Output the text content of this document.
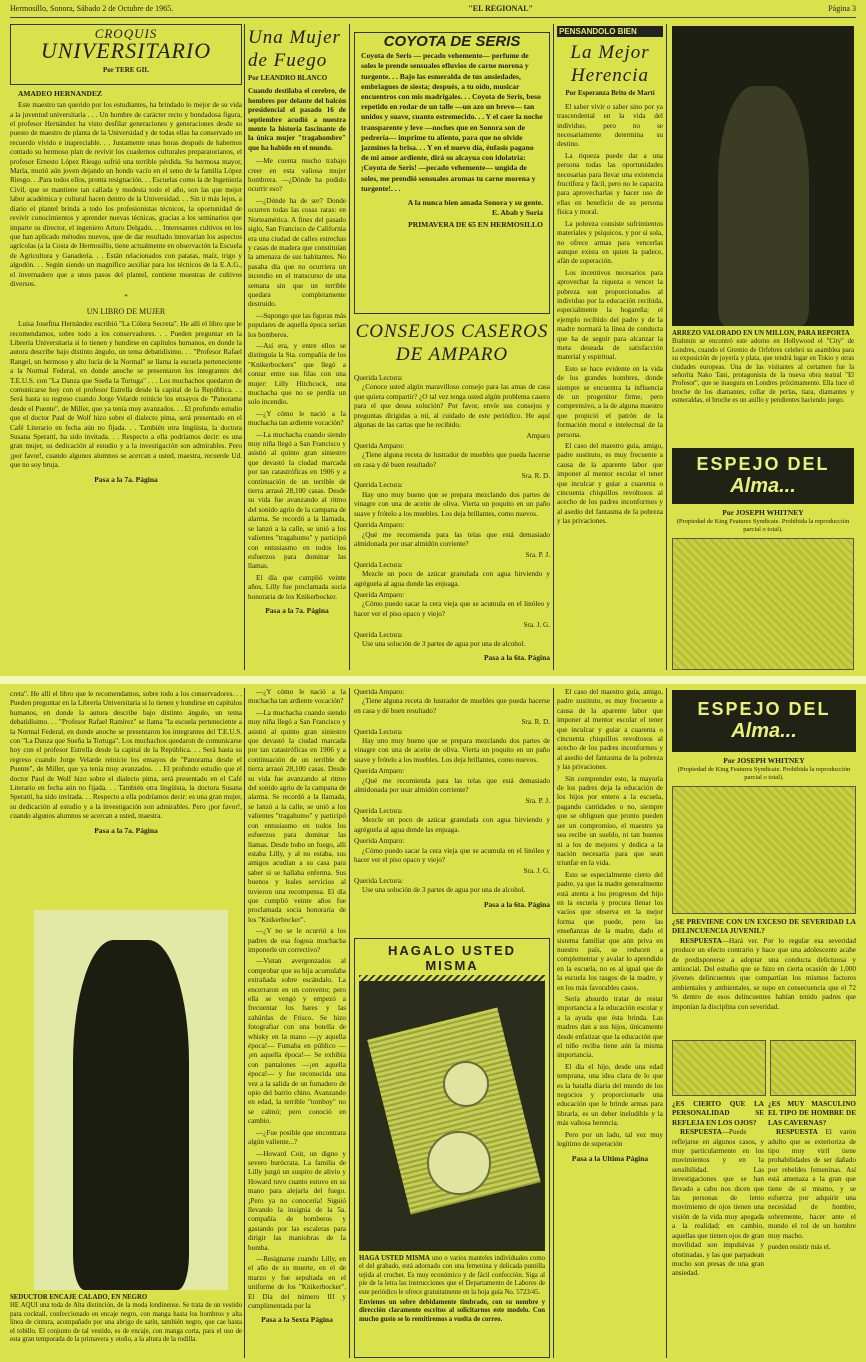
Hermosillo, Sonora, Sábado 2 de Octubre de 1965.	"EL REGIONAL"	Página 3
CROQUIS
UNIVERSITARIO
Por TERE GIL
AMADEO HERNANDEZ

Este maestro tan querido por los estudiantes, ha brindado lo mejor de su vida a la juventud universitaria . . . Un hombre de carácter recto y bondadosa figura, el profesor Hernández ha visto desfilar generaciones y generaciones desde su puesto de maestro de planta de la Universidad y de todas ellas ha conservado un recuerdo vívido e inapreciable. . . Justamente unas horas después de habernos contado su hermoso plan de revivir los cuadernos culturales preparatorianos, el profesor Ernesto López Riesgo sufrió una terrible pérdida. Su hermosa mayor, María, murió aún joven dejando un hondo vacío en el seno de la familia López Riesgo. . .Para todos ellos, pronta resignación. . . Escuelas como la de Ingeniería Civil, que se mantiene tan callada y modesta todo el año, son las que mejor labor académica y cultural hacen dentro de la Universidad. . . Sin ir más lejos, a diario el plantel brinda a todo los profesionistas técnicos, la oportunidad de revivir conocimientos y aprender nuevas técnicas, gracias a los seminarios que imparte su director, el ingeniero Arturo Delgado. . . Interesantes cultivos en los que han aplicado métodos nuevos, que de dar resultado innovarían los aspectos agrícolas (a la Costa de Hermosillo, tiene actualmente en observación la Escuela de Agricultura y Ganadería. . . Están relacionados con patatas, maíz, trigo y algodón. . . Según siendo un magnífico auxiliar para los técnicos de la E.A.G., el invernadero que a unos pasos del plantel, contiene muestras de cultivos diversos.

*
UN LIBRO DE MUJER

Luisa Josefina Hernández escribió "La Cólera Secreta". He allí el libro que le recomendamos, sobre todo a los conservadores. . . Pueden preguntar en la Librería Universitaria si lo tienen y hundirse en capítulos humanos, en donde la autora describe bajo distinto ángulo, un tema debatidísimo. . . "Profesor Rafael Rangel, un hermoso y alto lucía de la Normal" se llama la escuela perteneciente a la Normal Federal, en donde anoche se presentaron los integrantes del T.E.U.S. con "La Danza que Sueña la Tortuga" . . . Los muchachos quedaron de comunicarse hoy con el profesor Estrella desde la capital de la República. . . Será hasta su regreso cuando Jorge Velarde reinicie los ensayos de "Panorama desde el Puente", de Miller, que ya tenía muy avanzados. . . El profundo estudio que el doctor Paul de Wolf hizo sobre el dialecto pima, será presentado en el Café Literario en fecha aún no fijada. . . También otra lingüista, la doctora Susana Sperattí, ha sido invitada. . . Respecto a ella podríamos decir: es una gran mujer, su dedicación al estudio y a la investigación son admirables. Pero ¡por favor!, cuando algunos alumnos se acercan a usted, maestra, recuerde Ud. que no soy bruja.

Pasa a la 7a. Página
Una Mujer de Fuego
Por LEANDRO BLANCO
Cuando destilaba el cerebro, de hombres por delante del balcón presidencial el pasado 16 de septiembre acudió a nuestra mente la historia fascinante de la única mujer "tragahombre" que ha habido en el mundo.

—Me cuenta mucho trabajo creer en esta valiosa mujer hombrera. —¿Dónde ha podido ocurrir eso?

—¿Dónde ha de ser? Donde ocurren todas las cosas raras: en Norteamérica. A fines del pasado siglo, San Francisco de California era una ciudad de calles estrechas y casas de madera que constituían la amenaza de sus habitantes. No pasaba día que no ocurriera un incendio en el transcurso de una semana sin que un terrible quedara completamente destruido.

—Supongo que las figuras más populares de aquella época serían los bomberos.

—Así era, y entre ellos se distinguía la Sta. compañía de los "Knikerbockers" que llegó a contar entre sus filas con una mujer: Lilly Hitchcock, una muchacha que no se perdía un solo incendio.

—¿Y cómo le nació a la muchacha tan ardiente vocación?

—La muchacha cuando siendo muy niña llegó a San Francisco y asistió al quinto gran siniestro que devastó la ciudad marcada por tan catastróficas en 1906 y a continuación de un terrible de tierra arrasó 28,100 casas. Desde su vida fue avanzando al ritmo del sonido agrio de la campana de alarma. Se recordó a la llamada, se lanzó a la calle, se unió a los valientes "tragahumo" y participó con entusiasmo en todos los esfuerzos para dominar las llamas.

El día que cumplió veinte años, Lilly fue proclamada socia honoraria de los Knikerbocker.

Pasa a la 7a. Página
COYOTA DE SERIS
Coyota de Seris — pecado vehemente— perfume de soles le prende sensuales efluvios de carne morena y turgente. . . Bajo las esmeralda de tus ansiedades, embriagues de siesta; después, a tu oído, musicar encuentros con mis madrigales. . . Coyota de Seris, beso repetido en rodar de un talle —un azo un breve— tan unidos y suave, cuanto estremecido. . . Y el caer la noche transparente y leve —noches que en Sonora son de pedrería— imprime tu aliento, para que no olvide jazmines la brisa. . . Y en el nuevo día, énfasis pagano de mi amor ardiente, dirá su alcayua con idolatría: ¡Coyota de Seris! —pecado vehemente— ungida de soles, me prendió sensuales aromas tu carne morena y turgente!. . .
A la nunca bien amada Sonora y su gente.
E. Abab y Soria
PRIMAVERA DE 65 EN HERMOSILLO
CONSEJOS CASEROS DE AMPARO
Querida Lectora:

¿Conoce usted algún maravilloso consejo para las amas de casa que quiera compartir? ¿O tal vez tenga usted algún problema casero para el que desea solución? Por favor, envíe sus consejos y preguntas dirigidas a mí, al cuidado de este periódico. He aquí algunas de las cartas que he recibido.

Amparo
Querida Amparo:

¿Tiene alguna receta de lustrador de muebles que pueda hacerse en casa y dé buen resultado?

Sra. R. D.
Querida Lectora:

Hay uno muy bueno que se prepara mezclando dos partes de vinagre con una de aceite de oliva. Vierta un poquito en un paño suave y frótelo a los muebles. Los deja brillantes, como nuevos.

Querida Amparo:

¿Qué me recomienda para las telas que está demasiado almidonada por usar almidón corriente?

Sra. P. J.
Querida Lectora:

Mezcle un poco de azúcar granulada con agua hirviendo y agréguela al agua donde las enjuaga.

Querida Amparo:

¿Cómo puedo sacar la cera vieja que se acumula en el linóleo y hacer ver el piso opaco y viejo?

Sra. J. G.
Querida Lectora:

Use una solución de 3 partes de agua por una de alcohol.

Pasa a la 6ta. Página
PENSANDOLO BIEN
La Mejor Herencia
Por Esperanza Brito de Martí

El saber vivir o saber sino por ya trascendental en la vida del individuo, pero no se necesariamente determina su destino.

La riqueza puede dar a una persona todas las oportunidades necesarias para llevar una existencia fructífera y fácil, pero no le capacita para aprovecharlas y hacer uso de ellas en beneficio de su persona física y moral.

La pobreza consiste sufrimientos materiales y psíquicos, y por sí sola, no ofrece armas para vencerlas aunque exista en quien la padece, afán de superación.

Los incentivos necesarios para aprovechar la riqueza o vencer la pobreza son proporcionados al individuo por la educación recibida, especialmente la hogareña; el ejemplo recibido del padre y de la madre normará la línea de conducta que ha de seguir para alcanzar la meta deseada de satisfacción material y espiritual.

Esto se hace evidente en la vida de los grandes hombres, donde siempre se encuentra la influencia de un progenitor firme, pero comprensivo, a la de alguna maestro que propició el patrón de la formación moral e intelectual de la persona.

El caso del maestro guía, amigo, padre sustituto, es muy frecuente a causa de la aparente labor que imponer al mentor escolar el tener que inculcar y guiar a cuarenta o cincuenta chiquillos revoltosos al acecho de los padres inconformes y al asedio del fantasma de la pobreza y las privaciones.

ARREZO VALORADO EN UN MILLON, PARA REPORTA
Brahmin se encontró este adorno en Hollywood el "City" de Londres, cuando el Gremio de Orfebres celebró su asamblea para su exposición de joyería y plata, que tendrá lugar en Tokio y otras ciudades europeas. Una de las visitantes al certamen fue la señorita Nako Tani, protagonista de la nueva obra teatral "El Profesor", que se inaugura en Londres próximamente. Ella luce el broche de los diamantes, collar de perlas, tiara, diamantes y esmeraldas, el broche es un anillo y pendientes haciendo juego.
ESPEJO DEL
Alma...
Por JOSEPH WHITNEY
(Propiedad de King Features Syndicate. Prohibida la reproducción parcial o total).

creta". He allí el libro que le recomendamos, sobre todo a los conservadores. . . Pueden preguntar en la Librería Universitaria si lo tienen y hundirse en capítulos humanos, en donde la autora describe bajo distinto ángulo, un tema debatidísimo. . . "Profesor Rafael Ramírez" se llama "la escuela perteneciente a la Normal Federal, en donde anoche se presentaron los integrantes del T.E.U.S. con "La Danza que Sueña la Tortuga". Los muchachos quedaron de comunicarse hoy con el profesor Estrella desde la capital de la República. . . Será hasta su regreso cuando Jorge Velarde reinicie los ensayos de "Panorama desde el Puente", de Miller, que ya tenía muy avanzados. . . El profundo estudio que el doctor Paul de Wolf hizo sobre el dialecto pima, será presentado en el Café Literario en fecha aún no fijada. . . También otra lingüista, la doctora Susana Sperattí, ha sido invitada. . . Respecto a ella podríamos decir: es una gran mujer, su dedicación al estudio y a la investigación son admirables. Pero ¡por favor!, cuando algunos alumnos se acercan a usted, maestra.

Pasa a la 7a. Página
SEDUCTOR ENCAJE CALADO, EN NEGRO
HE AQUI una toda de Alta distinción, de la moda londinense. Se trata de un vestido para cocktail, confeccionado en encaje negro, con manga hasta los hombros y alta línea de cintura, acompañado por una abrigo de satín, también negro, que cae hasta el tobillo. El conjunto de tal vestido, es de encaje, con manga corta, para el uso de esta gran temporada de la primavera y otoño, a la altura de la rodilla.

—¿Y cómo le nació a la muchacha tan ardiente vocación?

—La muchacha cuando siendo muy niña llegó a San Francisco y asistió al quinto gran siniestro que devastó la ciudad marcada por tan catastróficas en 1906 y a continuación de un terrible de tierra arrasó 28,100 casas. Desde su vida fue avanzando al ritmo del sonido agrio de la campana de alarma. Se recordó a la llamada, se lanzó a la calle, se unió a los valientes "tragahumo" y participó con entusiasmo en todos los esfuerzos para dominar las llamas. Desde hubo un fuego, allí estaba Lilly, y al no estaba, sus amigos acudían a su casa para saber si se hallaba enferma. Sus buenos y leales servicios al tuvieron una recompensa. El día que cumplió veinte años fue proclamada socia honoraria de los "Knikerbocker".

—¿Y no se le ocurrió a los padres de esa fogosa muchacha imponerle un correctivo?

—Vistan avergonzados al comprobar que su hija acumulaba extrañada sobre escándalo. La encerraron en un convento; pero ella se vengó y empezó a frecuentar los bares y las zahúrdas de Frisco. Se hizo fotografiar con una botella de whisky en la mano —¡y aquella época!— Fumaba en público —¡en aquella época!— Se exhibía con pantalones —¡en aquella época!— y fue reconocida una vez a la salida de un fumadero de opio del barrio chino. Avanzando en edad, la terrible "tomboy" no se calmó; pero conoció en cambio.

—¿Fue posible que encontrara algún valiente...?

—Howard Coit, un digno y severo burócrata. La familia de Lilly juzgó un suspiro de alivio y Howard tuvo cuanto estuvo en su mano para alejarla del fuego. ¡Pero ya no conocería! Siguió llevando la insignia de la 5a. compañía de bomberos y gastando por las escaleras para dirigir las maniobras de la bomba.

—Resignarse cuando Lilly, en el año de su muerte, en el de marzo y fue sepultada en el uniforme de los "Knikerbocker". El Día del número III y cumplimentada por la

Pasa a la Sexta Página
Querida Amparo:

¿Tiene alguna receta de lustrador de muebles que pueda hacerse en casa y dé buen resultado?

Sra. R. D.
Querida Lectora:

Hay uno muy bueno que se prepara mezclando dos partes de vinagre con una de aceite de oliva. Vierta un poquito en un paño suave y frótelo a los muebles. Los deja brillantes, como nuevos.

Querida Amparo:

¿Qué me recomienda para las telas que está demasiado almidonada por usar almidón corriente?

Sra. P. J.
Querida Lectora:

Mezcle un poco de azúcar granulada con agua hirviendo y agréguela al agua donde las enjuaga.

Querida Amparo:

¿Cómo puedo sacar la cera vieja que se acumula en el linóleo y hacer ver el piso opaco y viejo?

Sra. J. G.
Querida Lectora:

Use una solución de 3 partes de agua por una de alcohol.

Pasa a la 6ta. Página
HAGALO USTED MISMA
HAGA USTED MISMA uno o varios manteles individuales como el del grabado, está adornado con una femenina y delicada puntilla tejida al crochet. Es muy económico y de fácil confección. Siga al pie de la letra las instrucciones que el Departamento de Labores de este periódico le ofrece gratuitamente en la hoja guía No. 5723/45.
Envíenos un sobre debidamente timbrado, con su nombre y dirección claramente escritos al solicitarnos este modelo. Con mucho gusto se lo remitiremos a vuelta de correo.

El caso del maestro guía, amigo, padre sustituto, es muy frecuente a causa de la aparente labor que imponer al mentor escolar el tener que inculcar y guiar a cuarenta o cincuenta chiquillos revoltosos al acecho de los padres inconformes y al asedio del fantasma de la pobreza y las privaciones.

Sin comprender esto, la mayoría de los padres deja la educación de los hijos por entero a la escuela, pagando cantidades o no, siempre que se obliguen que pronto pueden ser un compromiso, el maestro ya sea recibe un sueldo, ni tan buenos ni a los de mejores y dedica a la nación necesaria para que sean triunfar en la vida.

Esto se especialmente cierto del padre, ya que la madre generalmente está atenta a los progresos del hijo en la escuela y procura llenar los vacíos que observa en la mejor forma que puede, pero las enseñanzas de la madre, dado el sistema familiar que aún priva en nuestro país, se reducen a complementar y avalar lo aprendido en la escuela, no es al igual que de la escuela los rasgos de la madre, y en los más favorables casos.

Sería absurdo tratar de restar importancia a la educación escolar y a la ayuda que ésta brinda. Las madres dan a sus hijos, únicamente desde enfatizar que la educación que el niño reciba tiene aún la misma importancia.

El día el hijo, desde una edad temprana, una idea clara de lo que es la batalla diaria del mundo de los negocios y proporcionarle una educación que le brinde armas para librarla, es un deber ineludible y la más valiosa herencia.

Pero por un lado, tal vez muy legítimo de superación

Pasa a la Ultima Página
ESPEJO DEL
Alma...
Por JOSEPH WHITNEY
(Propiedad de King Features Syndicate. Prohibida la reproducción parcial o total).
¿SE PREVIENE CON UN EXCESO DE SEVERIDAD LA DELINCUENCIA JUVENIL?

RESPUESTA—Hará ver. Por lo regular esa severidad produce un efecto contrario y hace que una adolescente acabe de predisponerse a adoptar una conducta delictuosa y antisocial. Del estudio que se hizo en cierta ocasión de 1,000 jóvenes delincuentes que compartían los mismos factores ambientales y ambientales, se supo en consecuencia que el 72 % dentro de esos delincuentes habían tenido padres que imponían la disciplina con severidad.

¿ES CIERTO QUE LA PERSONALIDAD SE REFLEJA EN LOS OJOS?

RESPUESTA—Puede reflejarse en algunos casos, y muy particularmente en los movimientos y en la sensibilidad. Las investigaciones que se han llevado a cabo nos dicen que las personas de lento movimiento de ojos tienen una visión de la vida muy apegada a la realidad; en cambio, aquellas que tienen ojos de gran movilidad son impulsivas y obstinadas, y las que parpadean mucho son presas de una gran ansiedad.

¿ES MUY MASCULINO EL TIPO DE HOMBRE DE LAS CAVERNAS?

RESPUESTA El varón adulto que se exterioriza de tipo muy viril tiene probabilidades de ser dañado por rebeldes femeninas. Así está amenaza a la gran que tiene de si mismo, y se esfuerza por adquirir una necesidad de hombre, sobremente, hacer ante el mundo el rol de un hombre muy macho.

pueden resistir más el.
